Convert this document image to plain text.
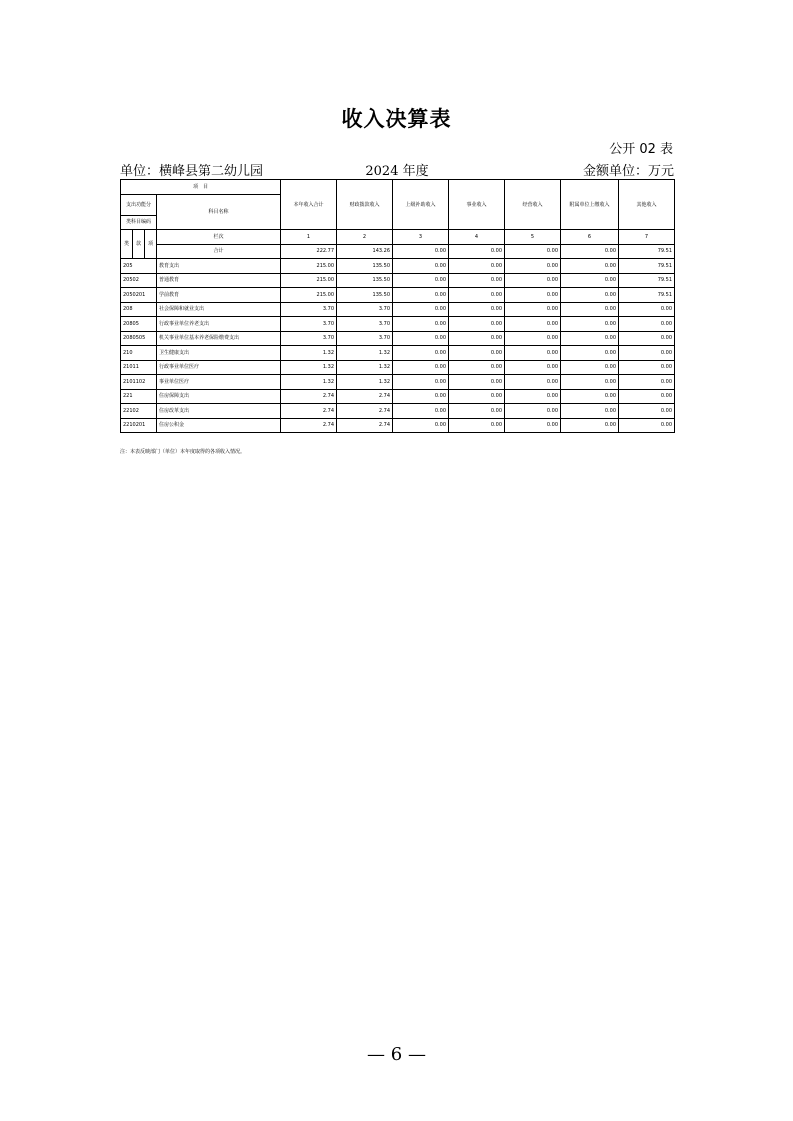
收入决算表
公开 02 表
单位：横峰县第二幼儿园	2024 年度	金额单位：万元
项　目				本年收入合计	财政拨款收入	上级补助收入	事业收入	经营收入	附属单位上缴收入	其他收入
支出功能分			科目名称							
类科目编码										
类	款	项	栏次	1	2	3	4	5	6	7
			合计	222.77	143.26	0.00	0.00	0.00	0.00	79.51
205			教育支出	215.00	135.50	0.00	0.00	0.00	0.00	79.51
20502			普通教育	215.00	135.50	0.00	0.00	0.00	0.00	79.51
2050201			学前教育	215.00	135.50	0.00	0.00	0.00	0.00	79.51
208			社会保障和就业支出	3.70	3.70	0.00	0.00	0.00	0.00	0.00
20805			行政事业单位养老支出	3.70	3.70	0.00	0.00	0.00	0.00	0.00
2080505			机关事业单位基本养老保险缴费支出	3.70	3.70	0.00	0.00	0.00	0.00	0.00
210			卫生健康支出	1.32	1.32	0.00	0.00	0.00	0.00	0.00
21011			行政事业单位医疗	1.32	1.32	0.00	0.00	0.00	0.00	0.00
2101102			事业单位医疗	1.32	1.32	0.00	0.00	0.00	0.00	0.00
221			住房保障支出	2.74	2.74	0.00	0.00	0.00	0.00	0.00
22102			住房改革支出	2.74	2.74	0.00	0.00	0.00	0.00	0.00
2210201			住房公积金	2.74	2.74	0.00	0.00	0.00	0.00	0.00
注：本表反映部门（单位）本年度取得的各项收入情况。
— 6 —
